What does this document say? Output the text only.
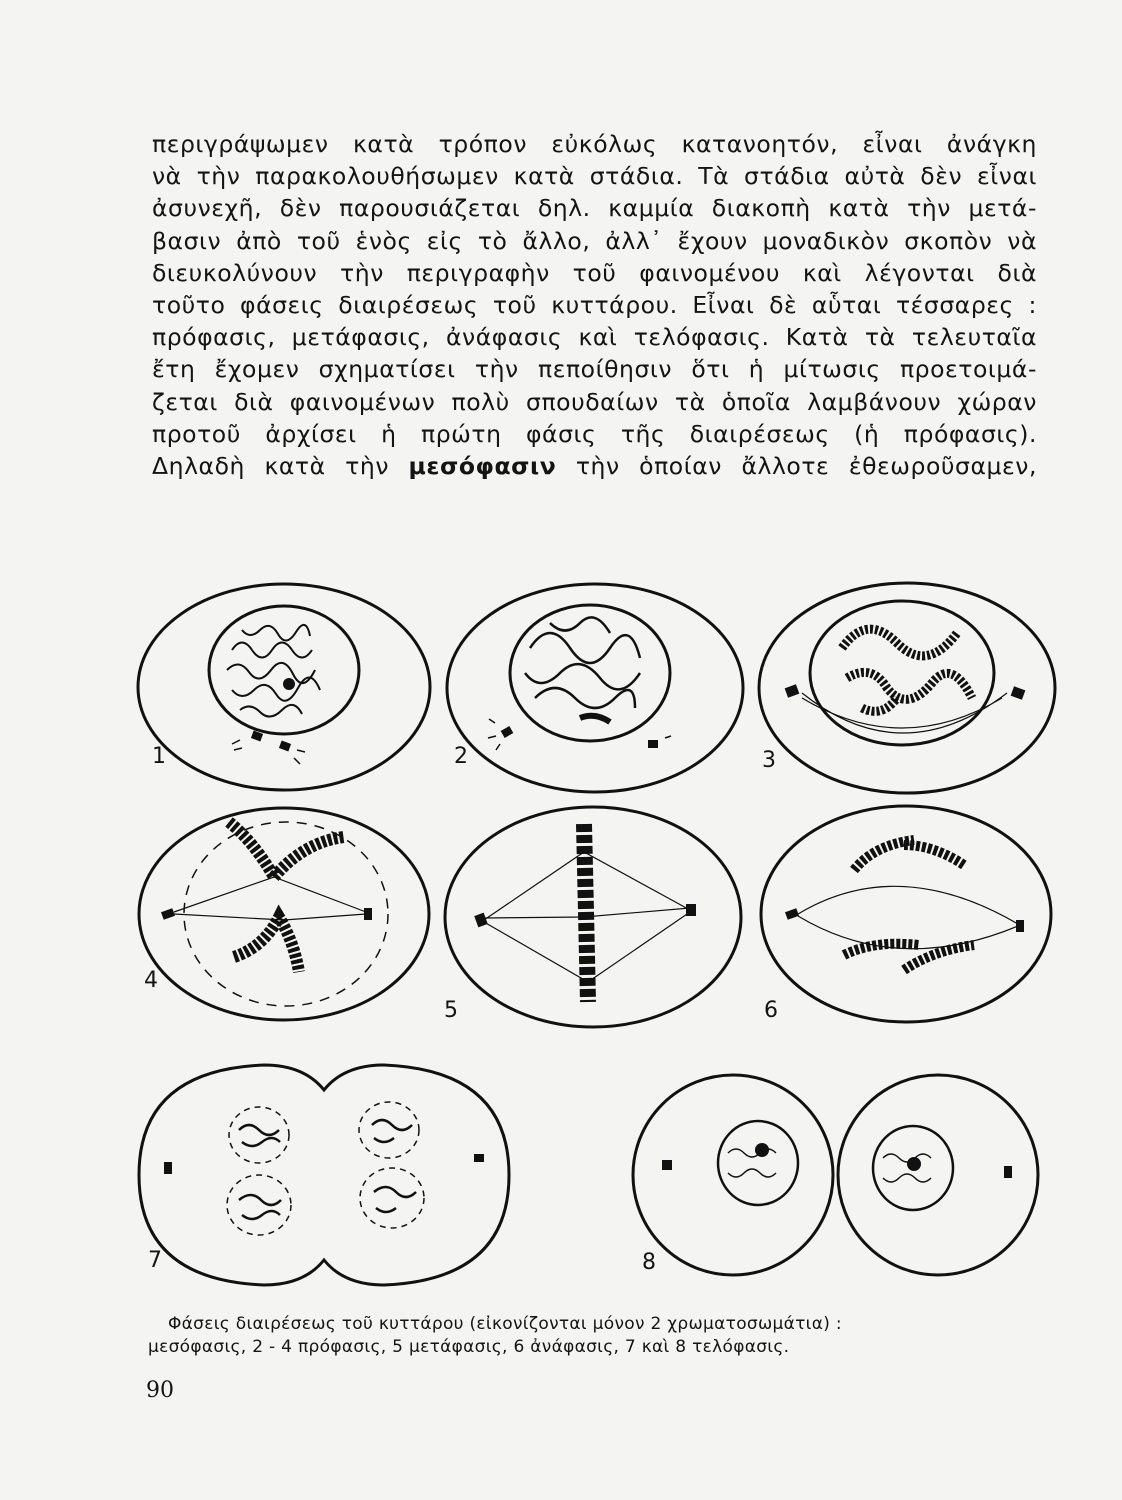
περιγράψωμεν κατὰ τρόπον εὐκόλως κατανοητόν, εἶναι ἀνάγκη
νὰ τὴν παρακολουθήσωμεν κατὰ στάδια. Τὰ στάδια αὐτὰ δὲν εἶναι
ἀσυνεχῆ, δὲν παρουσιάζεται δηλ. καμμία διακοπὴ κατὰ τὴν μετά-
βασιν ἀπὸ τοῦ ἑνὸς εἰς τὸ ἄλλο, ἀλλ᾽ ἔχουν μοναδικὸν σκοπὸν νὰ
διευκολύνουν τὴν περιγραφὴν τοῦ φαινομένου καὶ λέγονται διὰ
τοῦτο φάσεις διαιρέσεως τοῦ κυττάρου. Εἶναι δὲ αὗται τέσσαρες :
πρόφασις, μετάφασις, ἀνάφασις καὶ τελόφασις. Κατὰ τὰ τελευταῖα
ἔτη ἔχομεν σχηματίσει τὴν πεποίθησιν ὅτι ἡ μίτωσις προετοιμά-
ζεται διὰ φαινομένων πολὺ σπουδαίων τὰ ὁποῖα λαμβάνουν χώραν
προτοῦ ἀρχίσει ἡ πρώτη φάσις τῆς διαιρέσεως (ἡ πρόφασις).
Δηλαδὴ κατὰ τὴν μεσόφασιν τὴν ὁποίαν ἄλλοτε ἐθεωροῦσαμεν,
1	2	3
4
5	6
7	8
Φάσεις διαιρέσεως τοῦ κυττάρου (εἰκονίζονται μόνον 2 χρωματοσωμάτια) :
μεσόφασις, 2 - 4 πρόφασις, 5 μετάφασις, 6 ἀνάφασις, 7 καὶ 8 τελόφασις.
90
